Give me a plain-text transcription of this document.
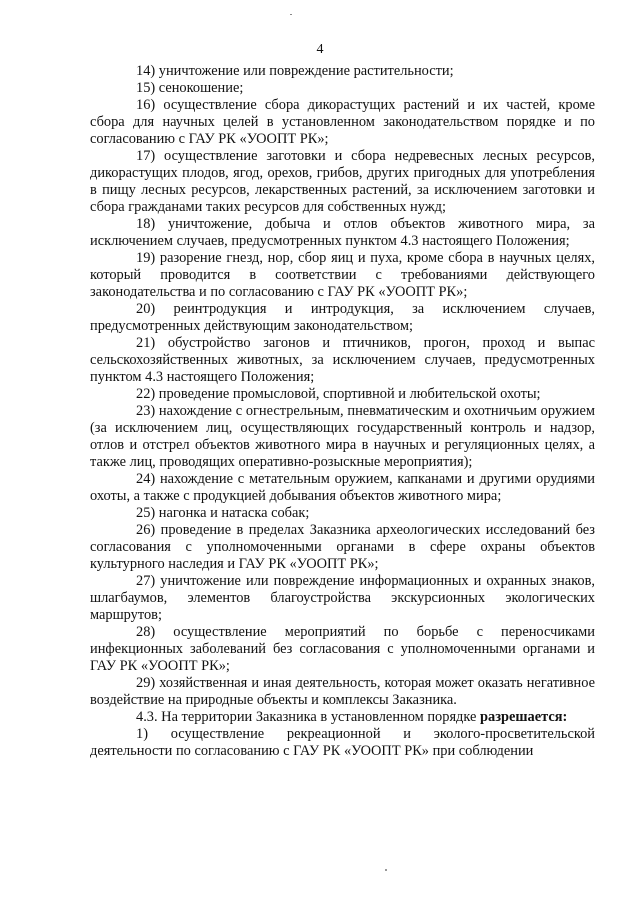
4

14) уничтожение или повреждение растительности;

15) сенокошение;

16) осуществление сбора дикорастущих растений и их частей, кроме сбора для научных целей в установленном законодательством порядке и по согласованию с ГАУ РК «УООПТ РК»;

17) осуществление заготовки и сбора недревесных лесных ресурсов, дикорастущих плодов, ягод, орехов, грибов, других пригодных для употребления в пищу лесных ресурсов, лекарственных растений, за исключением заготовки и сбора гражданами таких ресурсов для собственных нужд;

18) уничтожение, добыча и отлов объектов животного мира, за исключением случаев, предусмотренных пунктом 4.3 настоящего Положения;

19) разорение гнезд, нор, сбор яиц и пуха, кроме сбора в научных целях, который проводится в соответствии с требованиями действующего законодательства и по согласованию с ГАУ РК «УООПТ РК»;

20) реинтродукция и интродукция, за исключением случаев, предусмотренных действующим законодательством;

21) обустройство загонов и птичников, прогон, проход и выпас сельскохозяйственных животных, за исключением случаев, предусмотренных пунктом 4.3 настоящего Положения;

22) проведение промысловой, спортивной и любительской охоты;

23) нахождение с огнестрельным, пневматическим и охотничьим оружием (за исключением лиц, осуществляющих государственный контроль и надзор, отлов и отстрел объектов животного мира в научных и регуляционных целях, а также лиц, проводящих оперативно-розыскные мероприятия);

24) нахождение с метательным оружием, капканами и другими орудиями охоты, а также с продукцией добывания объектов животного мира;

25) нагонка и натаска собак;

26) проведение в пределах Заказника археологических исследований без согласования с уполномоченными органами в сфере охраны объектов культурного наследия и ГАУ РК «УООПТ РК»;

27) уничтожение или повреждение информационных и охранных знаков, шлагбаумов, элементов благоустройства экскурсионных экологических маршрутов;

28) осуществление мероприятий по борьбе с переносчиками инфекционных заболеваний без согласования с уполномоченными органами и ГАУ РК «УООПТ РК»;

29) хозяйственная и иная деятельность, которая может оказать негативное воздействие на природные объекты и комплексы Заказника.

4.3. На территории Заказника в установленном порядке разрешается:

1) осуществление рекреационной и эколого-просветительской деятельности по согласованию с ГАУ РК «УООПТ РК» при соблюдении
